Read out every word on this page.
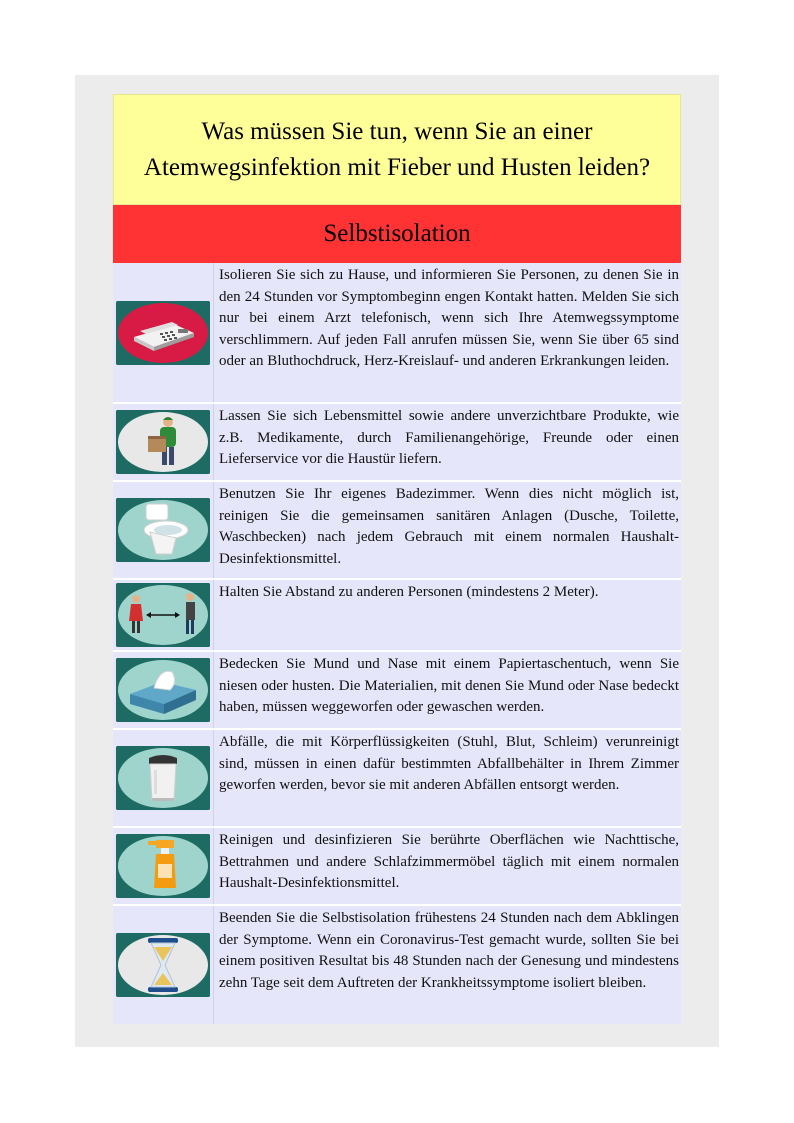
Was müssen Sie tun, wenn Sie an einer Atemwegsinfektion mit Fieber und Husten leiden?
Selbstisolation
Isolieren Sie sich zu Hause, und informieren Sie Personen, zu denen Sie in den 24 Stunden vor Symptombeginn engen Kontakt hatten. Melden Sie sich nur bei einem Arzt telefonisch, wenn sich Ihre Atemwegssymptome verschlimmern. Auf jeden Fall anrufen müssen Sie, wenn Sie über 65 sind oder an Bluthochdruck, Herz-Kreislauf- und anderen Erkrankungen leiden.
Lassen Sie sich Lebensmittel sowie andere unverzichtbare Produkte, wie z.B. Medikamente, durch Familienangehörige, Freunde oder einen Lieferservice vor die Haustür liefern.
Benutzen Sie Ihr eigenes Badezimmer. Wenn dies nicht möglich ist, reinigen Sie die gemeinsamen sanitären Anlagen (Dusche, Toilette, Waschbecken) nach jedem Gebrauch mit einem normalen Haushalt-Desinfektionsmittel.
Halten Sie Abstand zu anderen Personen (mindestens 2 Meter).
Bedecken Sie Mund und Nase mit einem Papiertaschentuch, wenn Sie niesen oder husten. Die Materialien, mit denen Sie Mund oder Nase bedeckt haben, müssen weggeworfen oder gewaschen werden.
Abfälle, die mit Körperflüssigkeiten (Stuhl, Blut, Schleim) verunreinigt sind, müssen in einen dafür bestimmten Abfallbehälter in Ihrem Zimmer geworfen werden, bevor sie mit anderen Abfällen entsorgt werden.
Reinigen und desinfizieren Sie berührte Oberflächen wie Nachttische, Bettrahmen und andere Schlafzimmermöbel täglich mit einem normalen Haushalt-Desinfektionsmittel.
Beenden Sie die Selbstisolation frühestens 24 Stunden nach dem Abklingen der Symptome. Wenn ein Coronavirus-Test gemacht wurde, sollten Sie bei einem positiven Resultat bis 48 Stunden nach der Genesung und mindestens zehn Tage seit dem Auftreten der Krankheitssymptome isoliert bleiben.
